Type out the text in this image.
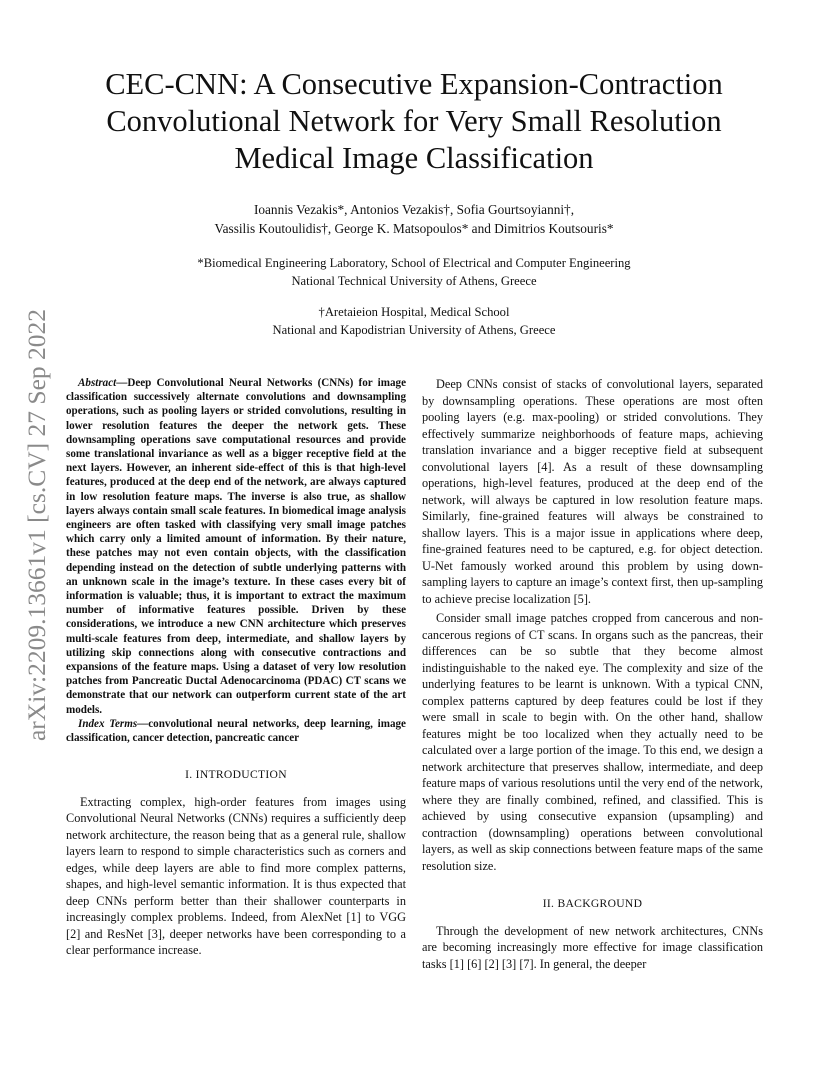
arXiv:2209.13661v1 [cs.CV] 27 Sep 2022
CEC-CNN: A Consecutive Expansion-Contraction Convolutional Network for Very Small Resolution Medical Image Classification
Ioannis Vezakis*, Antonios Vezakis†, Sofia Gourtsoyianni†,
Vassilis Koutoulidis†, George K. Matsopoulos* and Dimitrios Koutsouris*
*Biomedical Engineering Laboratory, School of Electrical and Computer Engineering
National Technical University of Athens, Greece
†Aretaieion Hospital, Medical School
National and Kapodistrian University of Athens, Greece

Abstract—Deep Convolutional Neural Networks (CNNs) for image classification successively alternate convolutions and downsampling operations, such as pooling layers or strided convolutions, resulting in lower resolution features the deeper the network gets. These downsampling operations save computational resources and provide some translational invariance as well as a bigger receptive field at the next layers. However, an inherent side-effect of this is that high-level features, produced at the deep end of the network, are always captured in low resolution feature maps. The inverse is also true, as shallow layers always contain small scale features. In biomedical image analysis engineers are often tasked with classifying very small image patches which carry only a limited amount of information. By their nature, these patches may not even contain objects, with the classification depending instead on the detection of subtle underlying patterns with an unknown scale in the image’s texture. In these cases every bit of information is valuable; thus, it is important to extract the maximum number of informative features possible. Driven by these considerations, we introduce a new CNN architecture which preserves multi-scale features from deep, intermediate, and shallow layers by utilizing skip connections along with consecutive contractions and expansions of the feature maps. Using a dataset of very low resolution patches from Pancreatic Ductal Adenocarcinoma (PDAC) CT scans we demonstrate that our network can outperform current state of the art models.

Index Terms—convolutional neural networks, deep learning, image classification, cancer detection, pancreatic cancer

I. INTRODUCTION

Extracting complex, high-order features from images using Convolutional Neural Networks (CNNs) requires a sufficiently deep network architecture, the reason being that as a general rule, shallow layers learn to respond to simple characteristics such as corners and edges, while deep layers are able to find more complex patterns, shapes, and high-level semantic information. It is thus expected that deep CNNs perform better than their shallower counterparts in increasingly complex problems. Indeed, from AlexNet [1] to VGG [2] and ResNet [3], deeper networks have been corresponding to a clear performance increase.

Deep CNNs consist of stacks of convolutional layers, separated by downsampling operations. These operations are most often pooling layers (e.g. max-pooling) or strided convolutions. They effectively summarize neighborhoods of feature maps, achieving translation invariance and a bigger receptive field at subsequent convolutional layers [4]. As a result of these downsampling operations, high-level features, produced at the deep end of the network, will always be captured in low resolution feature maps. Similarly, fine-grained features will always be constrained to shallow layers. This is a major issue in applications where deep, fine-grained features need to be captured, e.g. for object detection. U-Net famously worked around this problem by using down-sampling layers to capture an image’s context first, then up-sampling to achieve precise localization [5].

Consider small image patches cropped from cancerous and non-cancerous regions of CT scans. In organs such as the pancreas, their differences can be so subtle that they become almost indistinguishable to the naked eye. The complexity and size of the underlying features to be learnt is unknown. With a typical CNN, complex patterns captured by deep features could be lost if they were small in scale to begin with. On the other hand, shallow features might be too localized when they actually need to be calculated over a large portion of the image. To this end, we design a network architecture that preserves shallow, intermediate, and deep feature maps of various resolutions until the very end of the network, where they are finally combined, refined, and classified. This is achieved by using consecutive expansion (upsampling) and contraction (downsampling) operations between convolutional layers, as well as skip connections between feature maps of the same resolution size.

II. BACKGROUND

Through the development of new network architectures, CNNs are becoming increasingly more effective for image classification tasks [1] [6] [2] [3] [7]. In general, the deeper
